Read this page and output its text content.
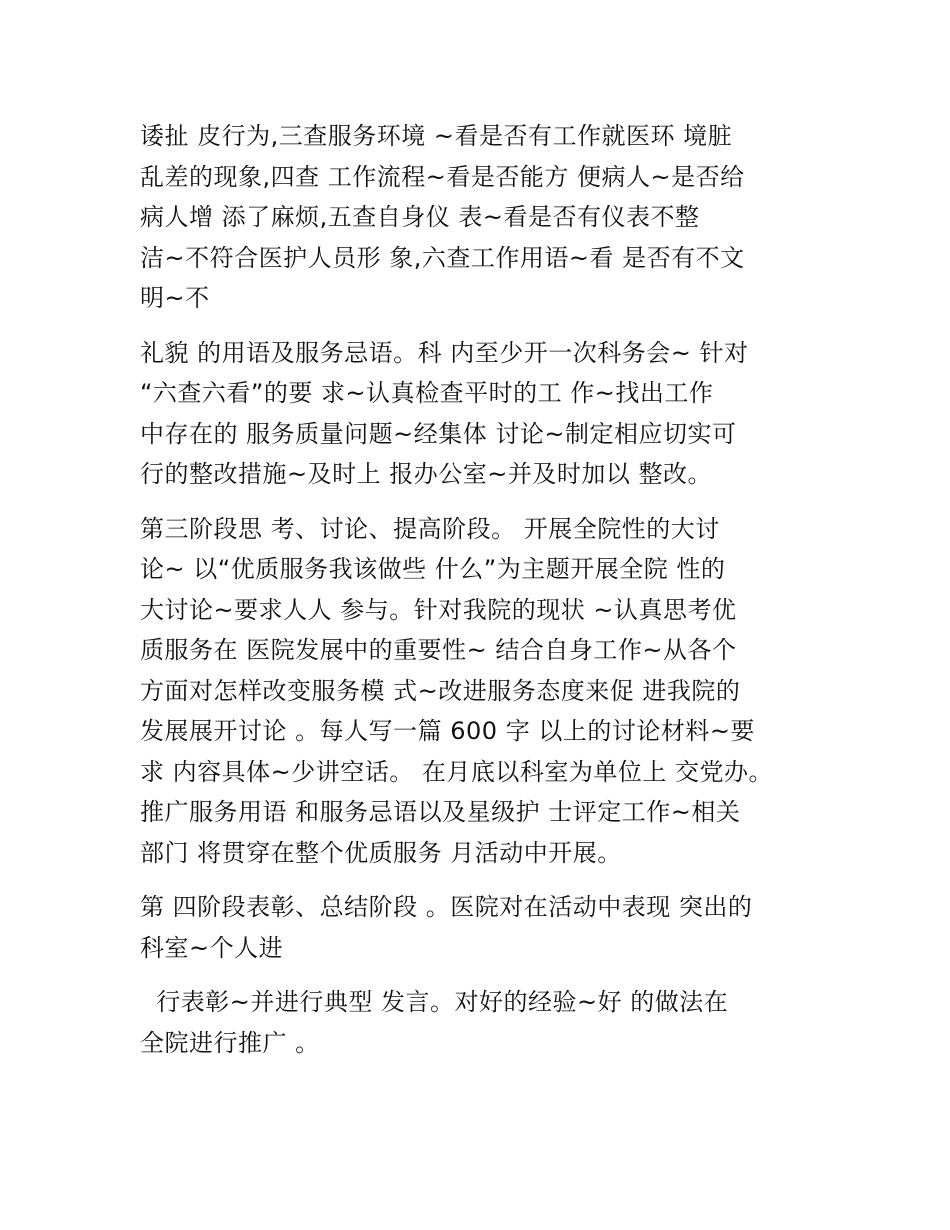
诿扯 皮行为,三查服务环境 ~看是否有工作就医环 境脏
乱差的现象,四查 工作流程~看是否能方 便病人~是否给
病人增 添了麻烦,五查自身仪 表~看是否有仪表不整
洁~不符合医护人员形 象,六查工作用语~看 是否有不文
明~不
礼貌 的用语及服务忌语。科 内至少开一次科务会~ 针对
“六查六看”的要 求~认真检查平时的工 作~找出工作
中存在的 服务质量问题~经集体 讨论~制定相应切实可
行的整改措施~及时上 报办公室~并及时加以 整改。
第三阶段思 考、讨论、提高阶段。 开展全院性的大讨
论~ 以“优质服务我该做些 什么”为主题开展全院 性的
大讨论~要求人人 参与。针对我院的现状 ~认真思考优
质服务在 医院发展中的重要性~ 结合自身工作~从各个
方面对怎样改变服务模 式~改进服务态度来促 进我院的
发展展开讨论 。每人写一篇 600 字 以上的讨论材料~要
求 内容具体~少讲空话。 在月底以科室为单位上 交党办。
推广服务用语 和服务忌语以及星级护 士评定工作~相关
部门 将贯穿在整个优质服务 月活动中开展。
第 四阶段表彰、总结阶段 。医院对在活动中表现 突出的
科室~个人进
行表彰~并进行典型 发言。对好的经验~好 的做法在
全院进行推广 。
